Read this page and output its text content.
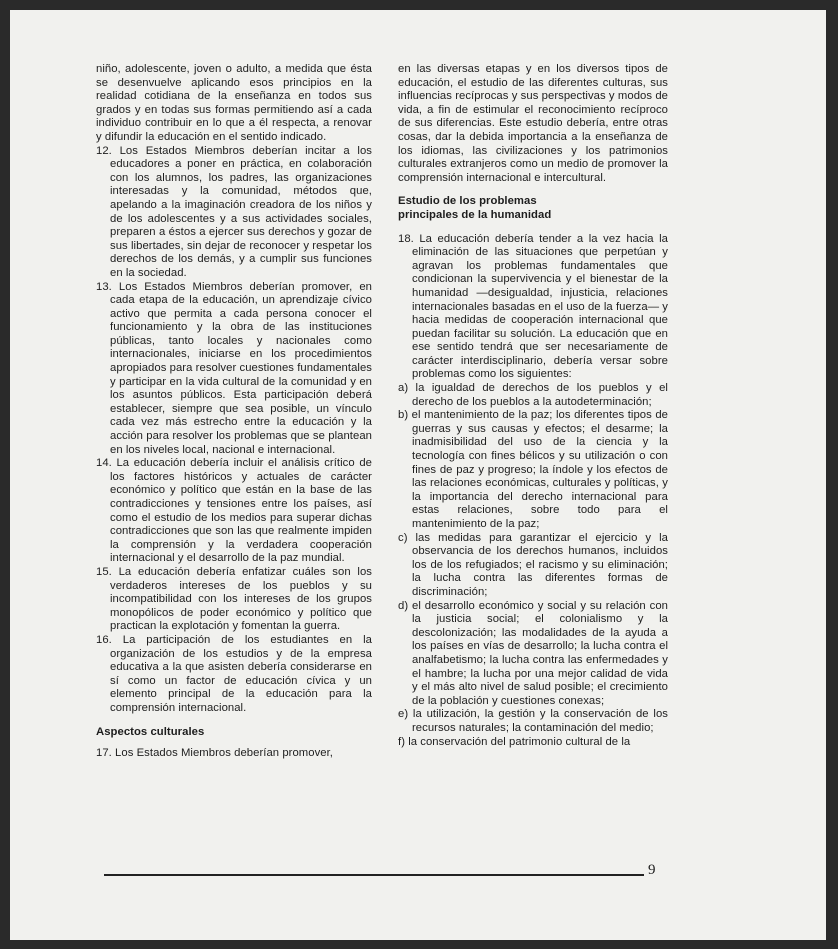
niño, adolescente, joven o adulto, a medida que ésta se desenvuelve aplicando esos principios en la realidad cotidiana de la enseñanza en todos sus grados y en todas sus formas permitiendo así a cada individuo contribuir en lo que a él respecta, a renovar y difundir la educación en el sentido indicado.

12. Los Estados Miembros deberían incitar a los educadores a poner en práctica, en colaboración con los alumnos, los padres, las organizaciones interesadas y la comunidad, métodos que, apelando a la imaginación creadora de los niños y de los adolescentes y a sus actividades sociales, preparen a éstos a ejercer sus derechos y gozar de sus libertades, sin dejar de reconocer y respetar los derechos de los demás, y a cumplir sus funciones en la sociedad.

13. Los Estados Miembros deberían promover, en cada etapa de la educación, un aprendizaje cívico activo que permita a cada persona conocer el funcionamiento y la obra de las instituciones públicas, tanto locales y nacionales como internacionales, iniciarse en los procedimientos apropiados para resolver cuestiones fundamentales y participar en la vida cultural de la comunidad y en los asuntos públicos. Esta participación deberá establecer, siempre que sea posible, un vínculo cada vez más estrecho entre la educación y la acción para resolver los problemas que se plantean en los niveles local, nacional e internacional.

14. La educación debería incluir el análisis crítico de los factores históricos y actuales de carácter económico y político que están en la base de las contradicciones y tensiones entre los países, así como el estudio de los medios para superar dichas contradicciones que son las que realmente impiden la comprensión y la verdadera cooperación internacional y el desarrollo de la paz mundial.

15. La educación debería enfatizar cuáles son los verdaderos intereses de los pueblos y su incompatibilidad con los intereses de los grupos monopólicos de poder económico y político que practican la explotación y fomentan la guerra.

16. La participación de los estudiantes en la organización de los estudios y de la empresa educativa a la que asisten debería considerarse en sí como un factor de educación cívica y un elemento principal de la educación para la comprensión internacional.

Aspectos culturales

17. Los Estados Miembros deberían promover,

en las diversas etapas y en los diversos tipos de educación, el estudio de las diferentes culturas, sus influencias recíprocas y sus perspectivas y modos de vida, a fin de estimular el reconocimiento recíproco de sus diferencias. Este estudio debería, entre otras cosas, dar la debida importancia a la enseñanza de los idiomas, las civilizaciones y los patrimonios culturales extranjeros como un medio de promover la comprensión internacional e intercultural.

Estudio de los problemas

principales de la humanidad

18. La educación debería tender a la vez hacia la eliminación de las situaciones que perpetúan y agravan los problemas fundamentales que condicionan la supervivencia y el bienestar de la humanidad —desigualdad, injusticia, relaciones internacionales basadas en el uso de la fuerza— y hacia medidas de cooperación internacional que puedan facilitar su solución. La educación que en ese sentido tendrá que ser necesariamente de carácter interdisciplinario, debería versar sobre problemas como los siguientes:

a) la igualdad de derechos de los pueblos y el derecho de los pueblos a la autodeterminación;

b) el mantenimiento de la paz; los diferentes tipos de guerras y sus causas y efectos; el desarme; la inadmisibilidad del uso de la ciencia y la tecnología con fines bélicos y su utilización o con fines de paz y progreso; la índole y los efectos de las relaciones económicas, culturales y políticas, y la importancia del derecho internacional para estas relaciones, sobre todo para el mantenimiento de la paz;

c) las medidas para garantizar el ejercicio y la observancia de los derechos humanos, incluidos los de los refugiados; el racismo y su eliminación; la lucha contra las diferentes formas de discriminación;

d) el desarrollo económico y social y su relación con la justicia social; el colonialismo y la descolonización; las modalidades de la ayuda a los países en vías de desarrollo; la lucha contra el analfabetismo; la lucha contra las enfermedades y el hambre; la lucha por una mejor calidad de vida y el más alto nivel de salud posible; el crecimiento de la población y cuestiones conexas;

e) la utilización, la gestión y la conservación de los recursos naturales; la contaminación del medio;

f) la conservación del patrimonio cultural de la

9
